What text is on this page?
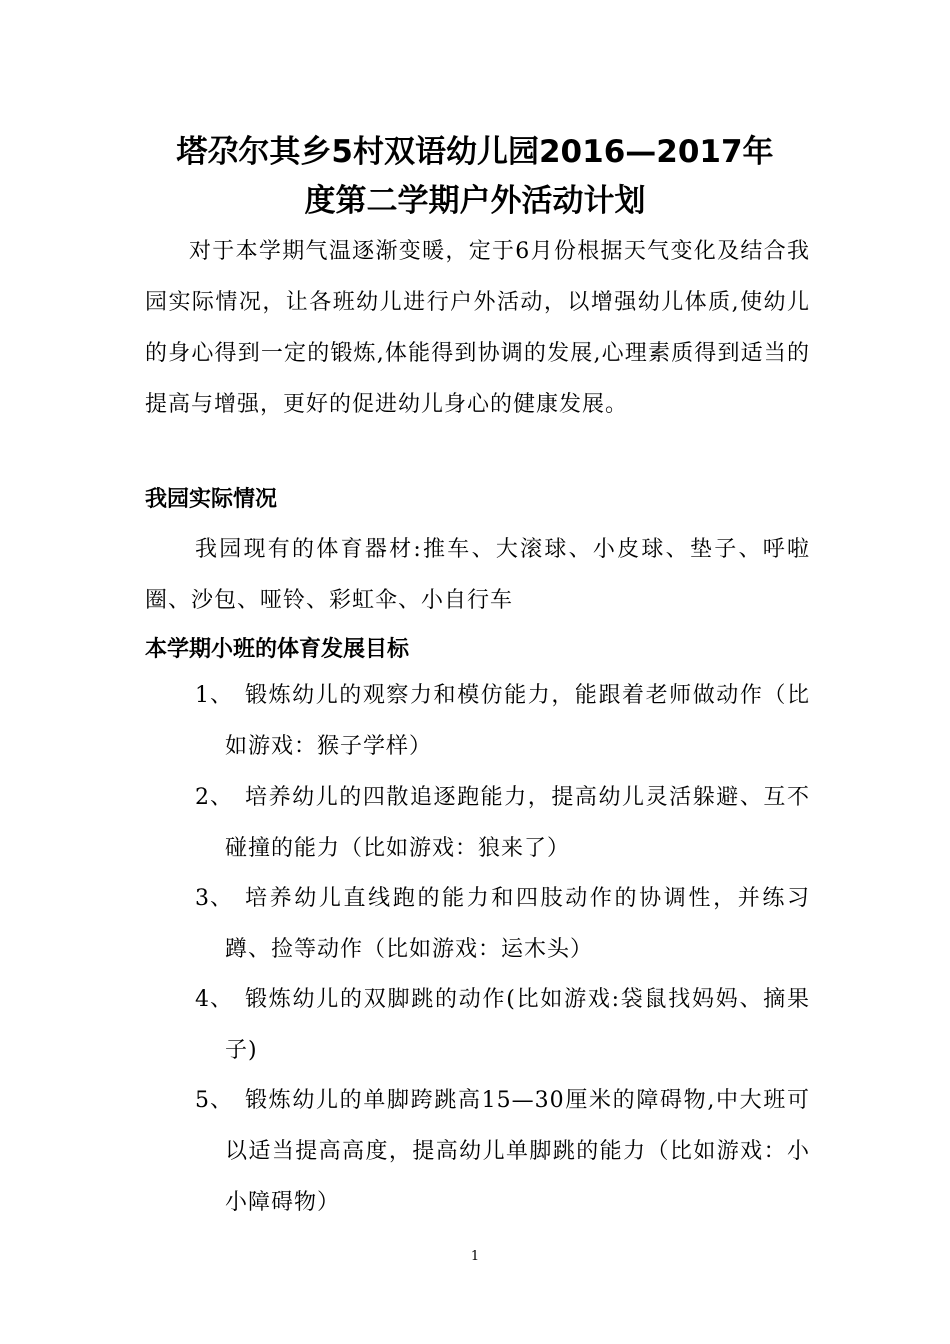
塔尕尔其乡5村双语幼儿园2016—2017年
度第二学期户外活动计划
对于本学期气温逐渐变暖，定于6月份根据天气变化及结合我园实际情况，让各班幼儿进行户外活动，以增强幼儿体质,使幼儿的身心得到一定的锻炼,体能得到协调的发展,心理素质得到适当的提高与增强，更好的促进幼儿身心的健康发展。
我园实际情况
我园现有的体育器材:推车、大滚球、小皮球、垫子、呼啦圈、沙包、哑铃、彩虹伞、小自行车
本学期小班的体育发展目标
1、 锻炼幼儿的观察力和模仿能力，能跟着老师做动作（比如游戏：猴子学样）
2、 培养幼儿的四散追逐跑能力，提高幼儿灵活躲避、互不碰撞的能力（比如游戏：狼来了）
3、 培养幼儿直线跑的能力和四肢动作的协调性，并练习蹲、捡等动作（比如游戏：运木头）
4、 锻炼幼儿的双脚跳的动作(比如游戏:袋鼠找妈妈、摘果子)
5、 锻炼幼儿的单脚跨跳高15—30厘米的障碍物,中大班可以适当提高高度，提高幼儿单脚跳的能力（比如游戏：小小障碍物）
1
